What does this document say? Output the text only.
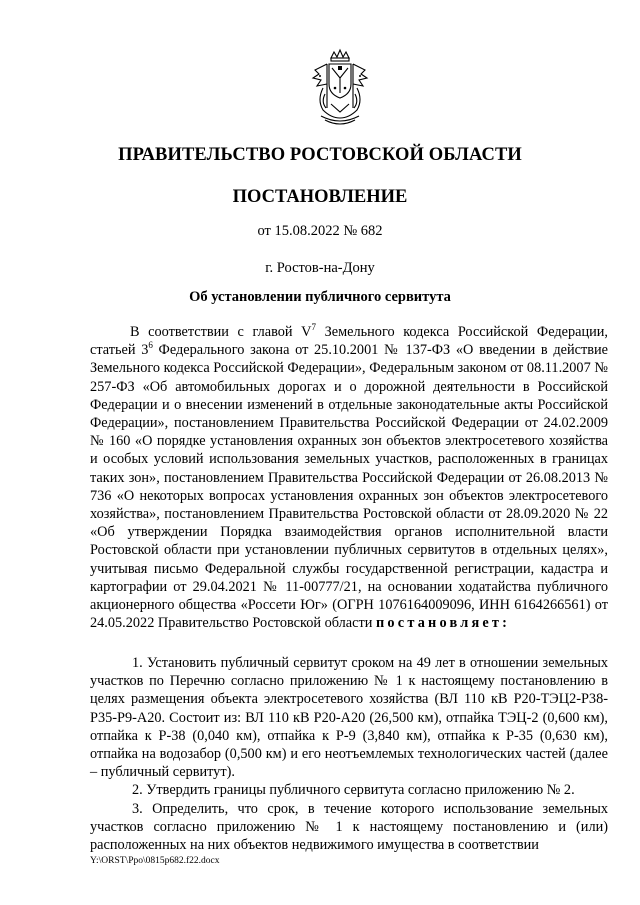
ПРАВИТЕЛЬСТВО РОСТОВСКОЙ ОБЛАСТИ
ПОСТАНОВЛЕНИЕ
от 15.08.2022 № 682
г. Ростов-на-Дону
Об установлении публичного сервитута

В соответствии с главой $V^7$ Земельного кодекса Российской Федерации, статьей $3^6$ Федерального закона от 25.10.2001 № 137-ФЗ «О введении в действие Земельного кодекса Российской Федерации», Федеральным законом от 08.11.2007 № 257-ФЗ «Об автомобильных дорогах и о дорожной деятельности в Российской Федерации и о внесении изменений в отдельные законодательные акты Российской Федерации», постановлением Правительства Российской Федерации от 24.02.2009 № 160 «О порядке установления охранных зон объектов электросетевого хозяйства и особых условий использования земельных участков, расположенных в границах таких зон», постановлением Правительства Российской Федерации от 26.08.2013 № 736 «О некоторых вопросах установления охранных зон объектов электросетевого хозяйства», постановлением Правительства Ростовской области от 28.09.2020 № 22 «Об утверждении Порядка взаимодействия органов исполнительной власти Ростовской области при установлении публичных сервитутов в отдельных целях», учитывая письмо Федеральной службы государственной регистрации, кадастра и картографии от 29.04.2021 № 11-00777/21, на основании ходатайства публичного акционерного общества «Россети Юг» (ОГРН 1076164009096, ИНН 6164266561) от 24.05.2022 Правительство Ростовской области постановляет:

1. Установить публичный сервитут сроком на 49 лет в отношении земельных участков по Перечню согласно приложению № 1 к настоящему постановлению в целях размещения объекта электросетевого хозяйства (ВЛ 110 кВ Р20-ТЭЦ2-Р38-Р35-Р9-А20. Состоит из: ВЛ 110 кВ Р20-А20 (26,500 км), отпайка ТЭЦ-2 (0,600 км), отпайка к Р-38 (0,040 км), отпайка к Р-9 (3,840 км), отпайка к Р-35 (0,630 км), отпайка на водозабор (0,500 км) и его неотъемлемых технологических частей (далее – публичный сервитут).

2. Утвердить границы публичного сервитута согласно приложению № 2.

3. Определить, что срок, в течение которого использование земельных участков согласно приложению № 1 к настоящему постановлению и (или) расположенных на них объектов недвижимого имущества в соответствии

Y:\ORST\Ppo\0815p682.f22.docx
